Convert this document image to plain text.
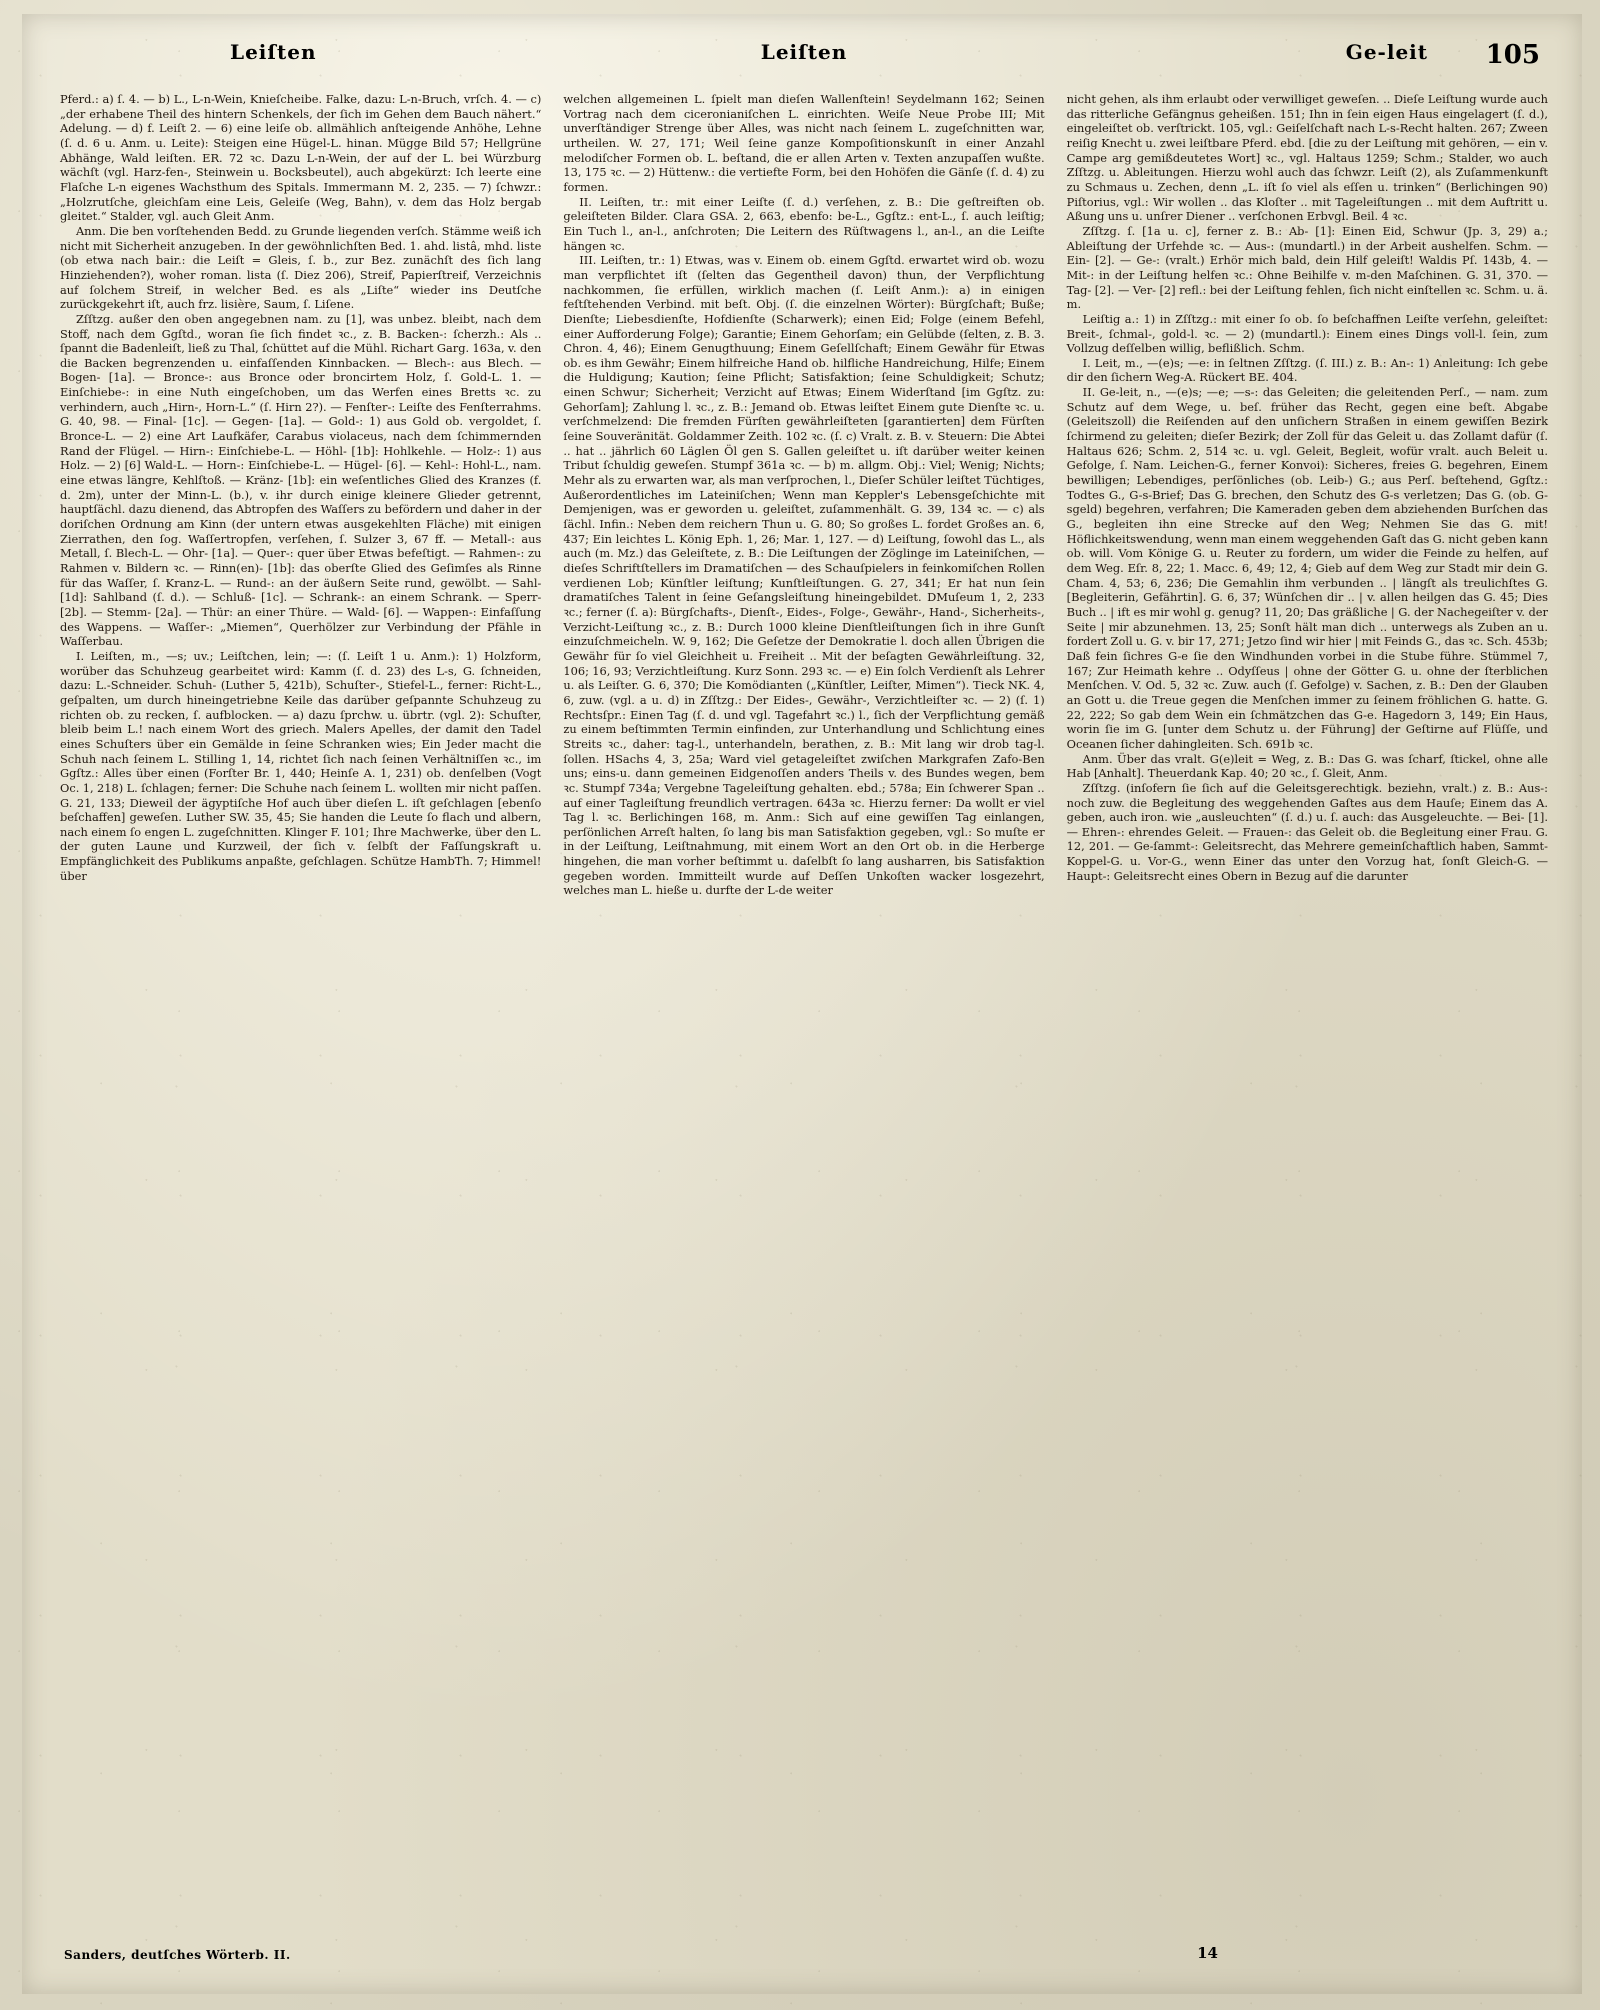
Leiſten	Leiſten	Ge-leit 105

Pferd.: a) ſ. 4. — b) L., L-n-Wein, Knieſcheibe. Falke, dazu: L-n-Bruch, vrſch. 4. — c) „der erhabene Theil des hintern Schenkels, der ſich im Gehen dem Bauch nähert.“ Adelung. — d) f. Leiſt 2. — 6) eine leiſe ob. allmählich anſteigende Anhöhe, Lehne (ſ. d. 6 u. Anm. u. Leite): Steigen eine Hügel-L. hinan. Mügge Bild 57; Hellgrüne Abhänge, Wald leiſten. ER. 72 ꝛc. Dazu L-n-Wein, der auf der L. bei Würzburg wächſt (vgl. Harz-fen-, Steinwein u. Bocksbeutel), auch abgekürzt: Ich leerte eine Flaſche L-n eigenes Wachsthum des Spitals. Immermann M. 2, 235. — 7) ſchwzr.: „Holzrutſche, gleichſam eine Leis, Geleiſe (Weg, Bahn), v. dem das Holz bergab gleitet.“ Stalder, vgl. auch Gleit Anm.

Anm. Die ben vorſtehenden Bedd. zu Grunde liegenden verſch. Stämme weiß ich nicht mit Sicherheit anzugeben. In der gewöhnlichſten Bed. 1. ahd. listâ, mhd. liste (ob etwa nach bair.: die Leiſt = Gleis, ſ. b., zur Bez. zunächſt des ſich lang Hinziehenden?), woher roman. lista (ſ. Diez 206), Streif, Papierſtreif, Verzeichnis auf ſolchem Streif, in welcher Bed. es als „Liſte“ wieder ins Deutſche zurückgekehrt iſt, auch frz. lisière, Saum, ſ. Liſene.

Zſſtzg. außer den oben angegebnen nam. zu [1], was unbez. bleibt, nach dem Stoff, nach dem Ggſtd., woran ſie ſich findet ꝛc., z. B. Backen-: ſcherzh.: Als .. ſpannt die Badenleiſt, ließ zu Thal, ſchüttet auf die Mühl. Richart Garg. 163a, v. den die Backen begrenzenden u. einfaſſenden Kinnbacken. — Blech-: aus Blech. — Bogen- [1a]. — Bronce-: aus Bronce oder broncirtem Holz, ſ. Gold-L. 1. — Einſchiebe-: in eine Nuth eingeſchoben, um das Werfen eines Bretts ꝛc. zu verhindern, auch „Hirn-, Horn-L.“ (ſ. Hirn 2?). — Fenſter-: Leiſte des Fenſterrahms. G. 40, 98. — Final- [1c]. — Gegen- [1a]. — Gold-: 1) aus Gold ob. vergoldet, ſ. Bronce-L. — 2) eine Art Laufkäfer, Carabus violaceus, nach dem ſchimmernden Rand der Flügel. — Hirn-: Einſchiebe-L. — Höhl- [1b]: Hohlkehle. — Holz-: 1) aus Holz. — 2) [6] Wald-L. — Horn-: Einſchiebe-L. — Hügel- [6]. — Kehl-: Hohl-L., nam. eine etwas längre, Kehlſtoß. — Kränz- [1b]: ein weſentliches Glied des Kranzes (f. d. 2m), unter der Minn-L. (b.), v. ihr durch einige kleinere Glieder getrennt, hauptſächl. dazu dienend, das Abtropfen des Waſſers zu befördern und daher in der doriſchen Ordnung am Kinn (der untern etwas ausgekehlten Fläche) mit einigen Zierrathen, den ſog. Waſſertropfen, verſehen, ſ. Sulzer 3, 67 ff. — Metall-: aus Metall, ſ. Blech-L. — Ohr- [1a]. — Quer-: quer über Etwas befeſtigt. — Rahmen-: zu Rahmen v. Bildern ꝛc. — Rinn(en)- [1b]: das oberſte Glied des Geſimſes als Rinne für das Waſſer, ſ. Kranz-L. — Rund-: an der äußern Seite rund, gewölbt. — Sahl- [1d]: Sahlband (ſ. d.). — Schluß- [1c]. — Schrank-: an einem Schrank. — Sperr- [2b]. — Stemm- [2a]. — Thür: an einer Thüre. — Wald- [6]. — Wappen-: Einfaſſung des Wappens. — Waſſer-: „Miemen“, Querhölzer zur Verbindung der Pfähle in Waſſerbau.

I. Leiſten, m., —s; uv.; Leiſtchen, lein; —: (ſ. Leiſt 1 u. Anm.): 1) Holzform, worüber das Schuhzeug gearbeitet wird: Kamm (ſ. d. 23) des L-s, G. ſchneiden, dazu: L.-Schneider. Schuh- (Luther 5, 421b), Schuſter-, Stiefel-L., ferner: Richt-L., geſpalten, um durch hineingetriebne Keile das darüber geſpannte Schuhzeug zu richten ob. zu recken, ſ. aufblocken. — a) dazu ſprchw. u. übrtr. (vgl. 2): Schuſter, bleib beim L.! nach einem Wort des griech. Malers Apelles, der damit den Tadel eines Schuſters über ein Gemälde in ſeine Schranken wies; Ein Jeder macht die Schuh nach ſeinem L. Stilling 1, 14, richtet ſich nach ſeinen Verhältniſſen ꝛc., im Ggſtz.: Alles über einen (Forſter Br. 1, 440; Heinſe A. 1, 231) ob. denſelben (Vogt Oc. 1, 218) L. ſchlagen; ferner: Die Schuhe nach ſeinem L. wollten mir nicht paſſen. G. 21, 133; Dieweil der ägyptiſche Hof auch über dieſen L. iſt geſchlagen [ebenſo beſchaffen] geweſen. Luther SW. 35, 45; Sie handen die Leute ſo flach und albern, nach einem ſo engen L. zugeſchnitten. Klinger F. 101; Ihre Machwerke, über den L. der guten Laune und Kurzweil, der ſich v. ſelbſt der Faſſungskraft u. Empfänglichkeit des Publikums anpaßte, geſchlagen. Schütze HambTh. 7; Himmel! über

welchen allgemeinen L. ſpielt man dieſen Wallenſtein! Seydelmann 162; Seinen Vortrag nach dem ciceronianiſchen L. einrichten. Weiſe Neue Probe III; Mit unverſtändiger Strenge über Alles, was nicht nach ſeinem L. zugeſchnitten war, urtheilen. W. 27, 171; Weil ſeine ganze Kompoſitionskunſt in einer Anzahl melodiſcher Formen ob. L. beſtand, die er allen Arten v. Texten anzupaſſen wußte. 13, 175 ꝛc. — 2) Hüttenw.: die vertiefte Form, bei den Hohöfen die Gänſe (ſ. d. 4) zu formen.

II. Leiſten, tr.: mit einer Leiſte (ſ. d.) verſehen, z. B.: Die geſtreiften ob. geleiſteten Bilder. Clara GSA. 2, 663, ebenfo: be-L., Ggſtz.: ent-L., ſ. auch leiſtig; Ein Tuch l., an-l., anſchroten; Die Leitern des Rüſtwagens l., an-l., an die Leiſte hängen ꝛc.

III. Leiſten, tr.: 1) Etwas, was v. Einem ob. einem Ggſtd. erwartet wird ob. wozu man verpflichtet iſt (ſelten das Gegentheil davon) thun, der Verpflichtung nachkommen, ſie erfüllen, wirklich machen (ſ. Leiſt Anm.): a) in einigen feſtſtehenden Verbind. mit beſt. Obj. (ſ. die einzelnen Wörter): Bürgſchaft; Buße; Dienſte; Liebesdienſte, Hofdienſte (Scharwerk); einen Eid; Folge (einem Befehl, einer Aufforderung Folge); Garantie; Einem Gehorſam; ein Gelübde (ſelten, z. B. 3. Chron. 4, 46); Einem Genugthuung; Einem Geſellſchaft; Einem Gewähr für Etwas ob. es ihm Gewähr; Einem hilfreiche Hand ob. hilfliche Handreichung, Hilfe; Einem die Huldigung; Kaution; ſeine Pflicht; Satisfaktion; ſeine Schuldigkeit; Schutz; einen Schwur; Sicherheit; Verzicht auf Etwas; Einem Widerſtand [im Ggſtz. zu: Gehorſam]; Zahlung l. ꝛc., z. B.: Jemand ob. Etwas leiſtet Einem gute Dienſte ꝛc. u. verſchmelzend: Die fremden Fürſten gewährleiſteten [garantierten] dem Fürſten ſeine Souveränität. Goldammer Zeith. 102 ꝛc. (ſ. c) Vralt. z. B. v. Steuern: Die Abtei .. hat .. jährlich 60 Läglen Öl gen S. Gallen geleiſtet u. iſt darüber weiter keinen Tribut ſchuldig geweſen. Stumpf 361a ꝛc. — b) m. allgm. Obj.: Viel; Wenig; Nichts; Mehr als zu erwarten war, als man verſprochen, l., Dieſer Schüler leiſtet Tüchtiges, Außerordentliches im Lateiniſchen; Wenn man Keppler's Lebensgeſchichte mit Demjenigen, was er geworden u. geleiſtet, zuſammenhält. G. 39, 134 ꝛc. — c) als ſächl. Infin.: Neben dem reichern Thun u. G. 80; So großes L. fordet Großes an. 6, 437; Ein leichtes L. König Eph. 1, 26; Mar. 1, 127. — d) Leiſtung, ſowohl das L., als auch (m. Mz.) das Geleiſtete, z. B.: Die Leiſtungen der Zöglinge im Lateiniſchen, — dieſes Schriftſtellers im Dramatiſchen — des Schauſpielers in feinkomiſchen Rollen verdienen Lob; Künſtler leiſtung; Kunſtleiſtungen. G. 27, 341; Er hat nun ſein dramatiſches Talent in ſeine Geſangsleiſtung hineingebildet. DMuſeum 1, 2, 233 ꝛc.; ferner (ſ. a): Bürgſchafts-, Dienſt-, Eides-, Folge-, Gewähr-, Hand-, Sicherheits-, Verzicht-Leiſtung ꝛc., z. B.: Durch 1000 kleine Dienſtleiſtungen ſich in ihre Gunſt einzuſchmeicheln. W. 9, 162; Die Geſetze der Demokratie l. doch allen Übrigen die Gewähr für ſo viel Gleichheit u. Freiheit .. Mit der beſagten Gewährleiſtung. 32, 106; 16, 93; Verzichtleiſtung. Kurz Sonn. 293 ꝛc. — e) Ein ſolch Verdienſt als Lehrer u. als Leiſter. G. 6, 370; Die Komödianten („Künſtler, Leiſter, Mimen“). Tieck NK. 4, 6, zuw. (vgl. a u. d) in Zſſtzg.: Der Eides-, Gewähr-, Verzichtleiſter ꝛc. — 2) (ſ. 1) Rechtsſpr.: Einen Tag (ſ. d. und vgl. Tagefahrt ꝛc.) l., ſich der Verpflichtung gemäß zu einem beſtimmten Termin einfinden, zur Unterhandlung und Schlichtung eines Streits ꝛc., daher: tag-l., unterhandeln, berathen, z. B.: Mit lang wir drob tag-l. ſollen. HSachs 4, 3, 25a; Ward viel getageleiſtet zwiſchen Markgrafen Zafo-Ben uns; eins-u. dann gemeinen Eidgenoſſen anders Theils v. des Bundes wegen, bem ꝛc. Stumpf 734a; Vergebne Tageleiſtung gehalten. ebd.; 578a; Ein ſchwerer Span .. auf einer Tagleiſtung freundlich vertragen. 643a ꝛc. Hierzu ferner: Da wollt er viel Tag l. ꝛc. Berlichingen 168, m. Anm.: Sich auf eine gewiſſen Tag einlangen, perſönlichen Arreſt halten, ſo lang bis man Satisfaktion gegeben, vgl.: So muſte er in der Leiſtung, Leiſtnahmung, mit einem Wort an den Ort ob. in die Herberge hingehen, die man vorher beſtimmt u. daſelbſt ſo lang ausharren, bis Satisfaktion gegeben worden. Immitteilt wurde auf Deſſen Unkoſten wacker losgezehrt, welches man L. hieße u. durfte der L-de weiter

nicht gehen, als ihm erlaubt oder verwilliget geweſen. .. Dieſe Leiſtung wurde auch das ritterliche Gefängnus geheißen. 151; Ihn in ſein eigen Haus eingelagert (ſ. d.), eingeleiſtet ob. verſtrickt. 105, vgl.: Geiſelſchaft nach L-s-Recht halten. 267; Zween reiſig Knecht u. zwei leiſtbare Pferd. ebd. [die zu der Leiſtung mit gehören, — ein v. Campe arg gemißdeutetes Wort] ꝛc., vgl. Haltaus 1259; Schm.; Stalder, wo auch Zſſtzg. u. Ableitungen. Hierzu wohl auch das ſchwzr. Leiſt (2), als Zuſammenkunft zu Schmaus u. Zechen, denn „L. iſt ſo viel als eſſen u. trinken“ (Berlichingen 90) Piſtorius, vgl.: Wir wollen .. das Kloſter .. mit Tageleiſtungen .. mit dem Auftritt u. Aßung uns u. unſrer Diener .. verſchonen Erbvgl. Beil. 4 ꝛc.

Zſſtzg. ſ. [1a u. c], ferner z. B.: Ab- [1]: Einen Eid, Schwur (Jp. 3, 29) a.; Ableiſtung der Urfehde ꝛc. — Aus-: (mundartl.) in der Arbeit aushelfen. Schm. — Ein- [2]. — Ge-: (vralt.) Erhör mich bald, dein Hilf geleiſt! Waldis Pſ. 143b, 4. — Mit-: in der Leiſtung helfen ꝛc.: Ohne Beihilfe v. m-den Maſchinen. G. 31, 370. — Tag- [2]. — Ver- [2] refl.: bei der Leiſtung fehlen, ſich nicht einſtellen ꝛc. Schm. u. ä. m.

Leiſtig a.: 1) in Zſſtzg.: mit einer ſo ob. ſo beſchaffnen Leiſte verſehn, geleiſtet: Breit-, ſchmal-, gold-l. ꝛc. — 2) (mundartl.): Einem eines Dings voll-l. ſein, zum Vollzug deſſelben willig, beflißlich. Schm.

I. Leit, m., —(e)s; —e: in ſeltnen Zſſtzg. (ſ. III.) z. B.: An-: 1) Anleitung: Ich gebe dir den ſichern Weg-A. Rückert BE. 404.

II. Ge-leit, n., —(e)s; —e; —s-: das Geleiten; die geleitenden Perſ., — nam. zum Schutz auf dem Wege, u. beſ. früher das Recht, gegen eine beſt. Abgabe (Geleitszoll) die Reiſenden auf den unſichern Straßen in einem gewiſſen Bezirk ſchirmend zu geleiten; dieſer Bezirk; der Zoll für das Geleit u. das Zollamt dafür (ſ. Haltaus 626; Schm. 2, 514 ꝛc. u. vgl. Geleit, Begleit, wofür vralt. auch Beleit u. Gefolge, ſ. Nam. Leichen-G., ferner Konvoi): Sicheres, freies G. begehren, Einem bewilligen; Lebendiges, perſönliches (ob. Leib-) G.; aus Perſ. beſtehend, Ggſtz.: Todtes G., G-s-Brief; Das G. brechen, den Schutz des G-s verletzen; Das G. (ob. G-sgeld) begehren, verfahren; Die Kameraden geben dem abziehenden Burſchen das G., begleiten ihn eine Strecke auf den Weg; Nehmen Sie das G. mit! Höflichkeitswendung, wenn man einem weggehenden Gaſt das G. nicht geben kann ob. will. Vom Könige G. u. Reuter zu fordern, um wider die Feinde zu helfen, auf dem Weg. Eſr. 8, 22; 1. Macc. 6, 49; 12, 4; Gieb auf dem Weg zur Stadt mir dein G. Cham. 4, 53; 6, 236; Die Gemahlin ihm verbunden .. | längſt als treulichſtes G. [Begleiterin, Gefährtin]. G. 6, 37; Wünſchen dir .. | v. allen heilgen das G. 45; Dies Buch .. | ift es mir wohl g. genug? 11, 20; Das gräßliche | G. der Nachegeiſter v. der Seite | mir abzunehmen. 13, 25; Sonſt hält man dich .. unterwegs als Zuben an u. fordert Zoll u. G. v. bir 17, 271; Jetzo ſind wir hier | mit Feinds G., das ꝛc. Sch. 453b; Daß fein ſichres G-e ſie den Windhunden vorbei in die Stube führe. Stümmel 7, 167; Zur Heimath kehre .. Odyſſeus | ohne der Götter G. u. ohne der ſterblichen Menſchen. V. Od. 5, 32 ꝛc. Zuw. auch (ſ. Gefolge) v. Sachen, z. B.: Den der Glauben an Gott u. die Treue gegen die Menſchen immer zu ſeinem fröhlichen G. hatte. G. 22, 222; So gab dem Wein ein ſchmätzchen das G-e. Hagedorn 3, 149; Ein Haus, worin ſie im G. [unter dem Schutz u. der Führung] der Geſtirne auf Flüſſe, und Oceanen ſicher dahingleiten. Sch. 691b ꝛc.

Anm. Über das vralt. G(e)leit = Weg, z. B.: Das G. was ſcharf, ſtickel, ohne alle Hab [Anhalt]. Theuerdank Kap. 40; 20 ꝛc., ſ. Gleit, Anm.

Zſſtzg. (inſofern ſie ſich auf die Geleitsgerechtigk. beziehn, vralt.) z. B.: Aus-: noch zuw. die Begleitung des weggehenden Gaſtes aus dem Hauſe; Einem das A. geben, auch iron. wie „ausleuchten“ (ſ. d.) u. ſ. auch: das Ausgeleuchte. — Bei- [1]. — Ehren-: ehrendes Geleit. — Frauen-: das Geleit ob. die Begleitung einer Frau. G. 12, 201. — Ge-ſammt-: Geleitsrecht, das Mehrere gemeinſchaftlich haben, Sammt-Koppel-G. u. Vor-G., wenn Einer das unter den Vorzug hat, ſonſt Gleich-G. — Haupt-: Geleitsrecht eines Obern in Bezug auf die darunter

Sanders, deutſches Wörterb. II.	14
